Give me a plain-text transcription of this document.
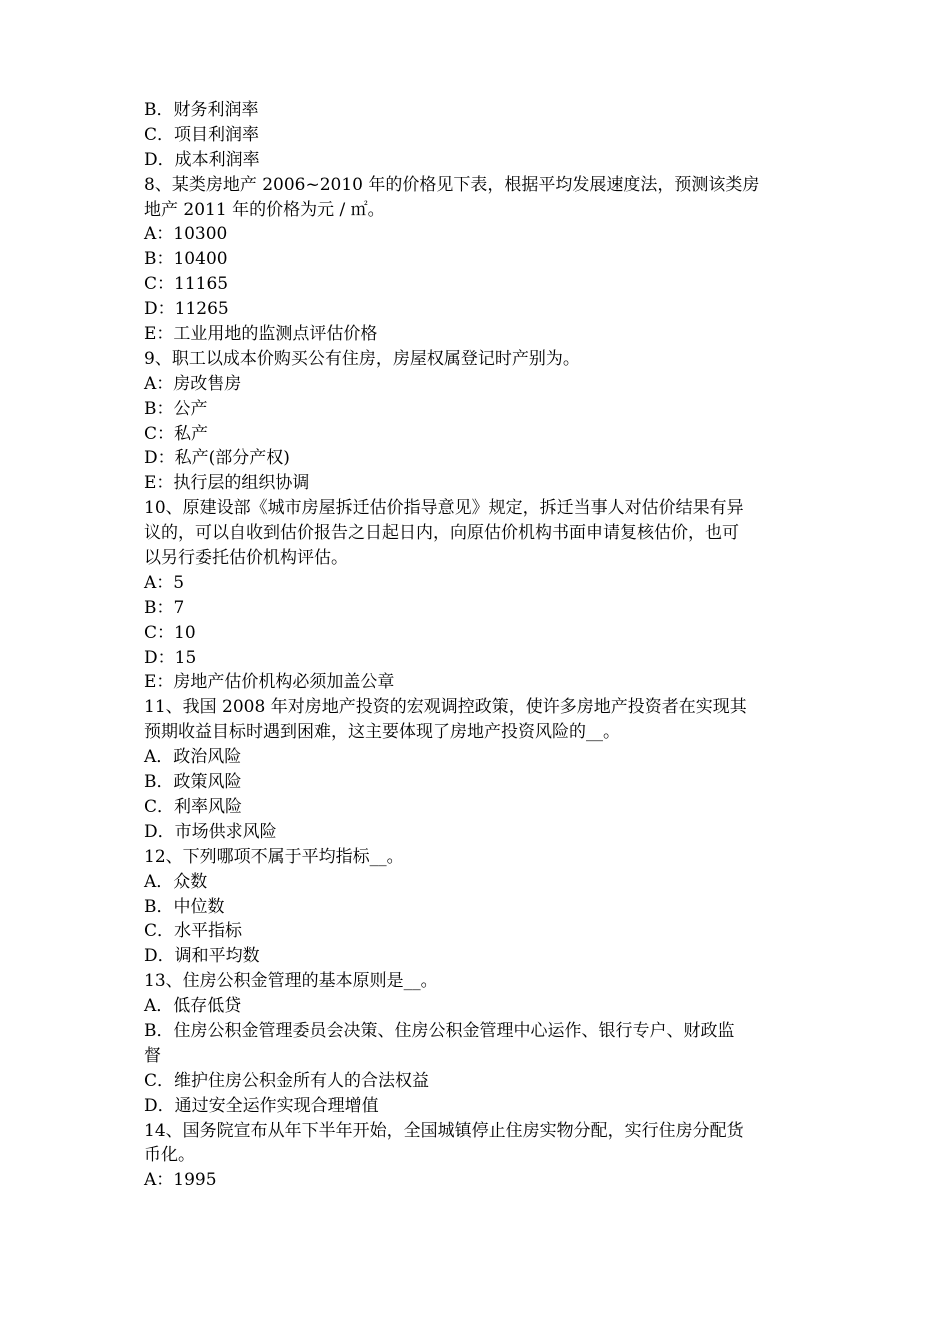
B．财务利润率
C．项目利润率
D．成本利润率
8、某类房地产 2006~2010 年的价格见下表，根据平均发展速度法，预测该类房
地产 2011 年的价格为元 / ㎡。
A：10300
B：10400
C：11165
D：11265
E：工业用地的监测点评估价格
9、职工以成本价购买公有住房，房屋权属登记时产别为。
A：房改售房
B：公产
C：私产
D：私产(部分产权)
E：执行层的组织协调
10、原建设部《城市房屋拆迁估价指导意见》规定，拆迁当事人对估价结果有异
议的，可以自收到估价报告之日起日内，向原估价机构书面申请复核估价，也可
以另行委托估价机构评估。
A：5
B：7
C：10
D：15
E：房地产估价机构必须加盖公章
11、我国 2008 年对房地产投资的宏观调控政策，使许多房地产投资者在实现其
预期收益目标时遇到困难，这主要体现了房地产投资风险的__。
A．政治风险
B．政策风险
C．利率风险
D．市场供求风险
12、下列哪项不属于平均指标__。
A．众数
B．中位数
C．水平指标
D．调和平均数
13、住房公积金管理的基本原则是__。
A．低存低贷
B．住房公积金管理委员会决策、住房公积金管理中心运作、银行专户、财政监
督
C．维护住房公积金所有人的合法权益
D．通过安全运作实现合理增值
14、国务院宣布从年下半年开始，全国城镇停止住房实物分配，实行住房分配货
币化。
A：1995
